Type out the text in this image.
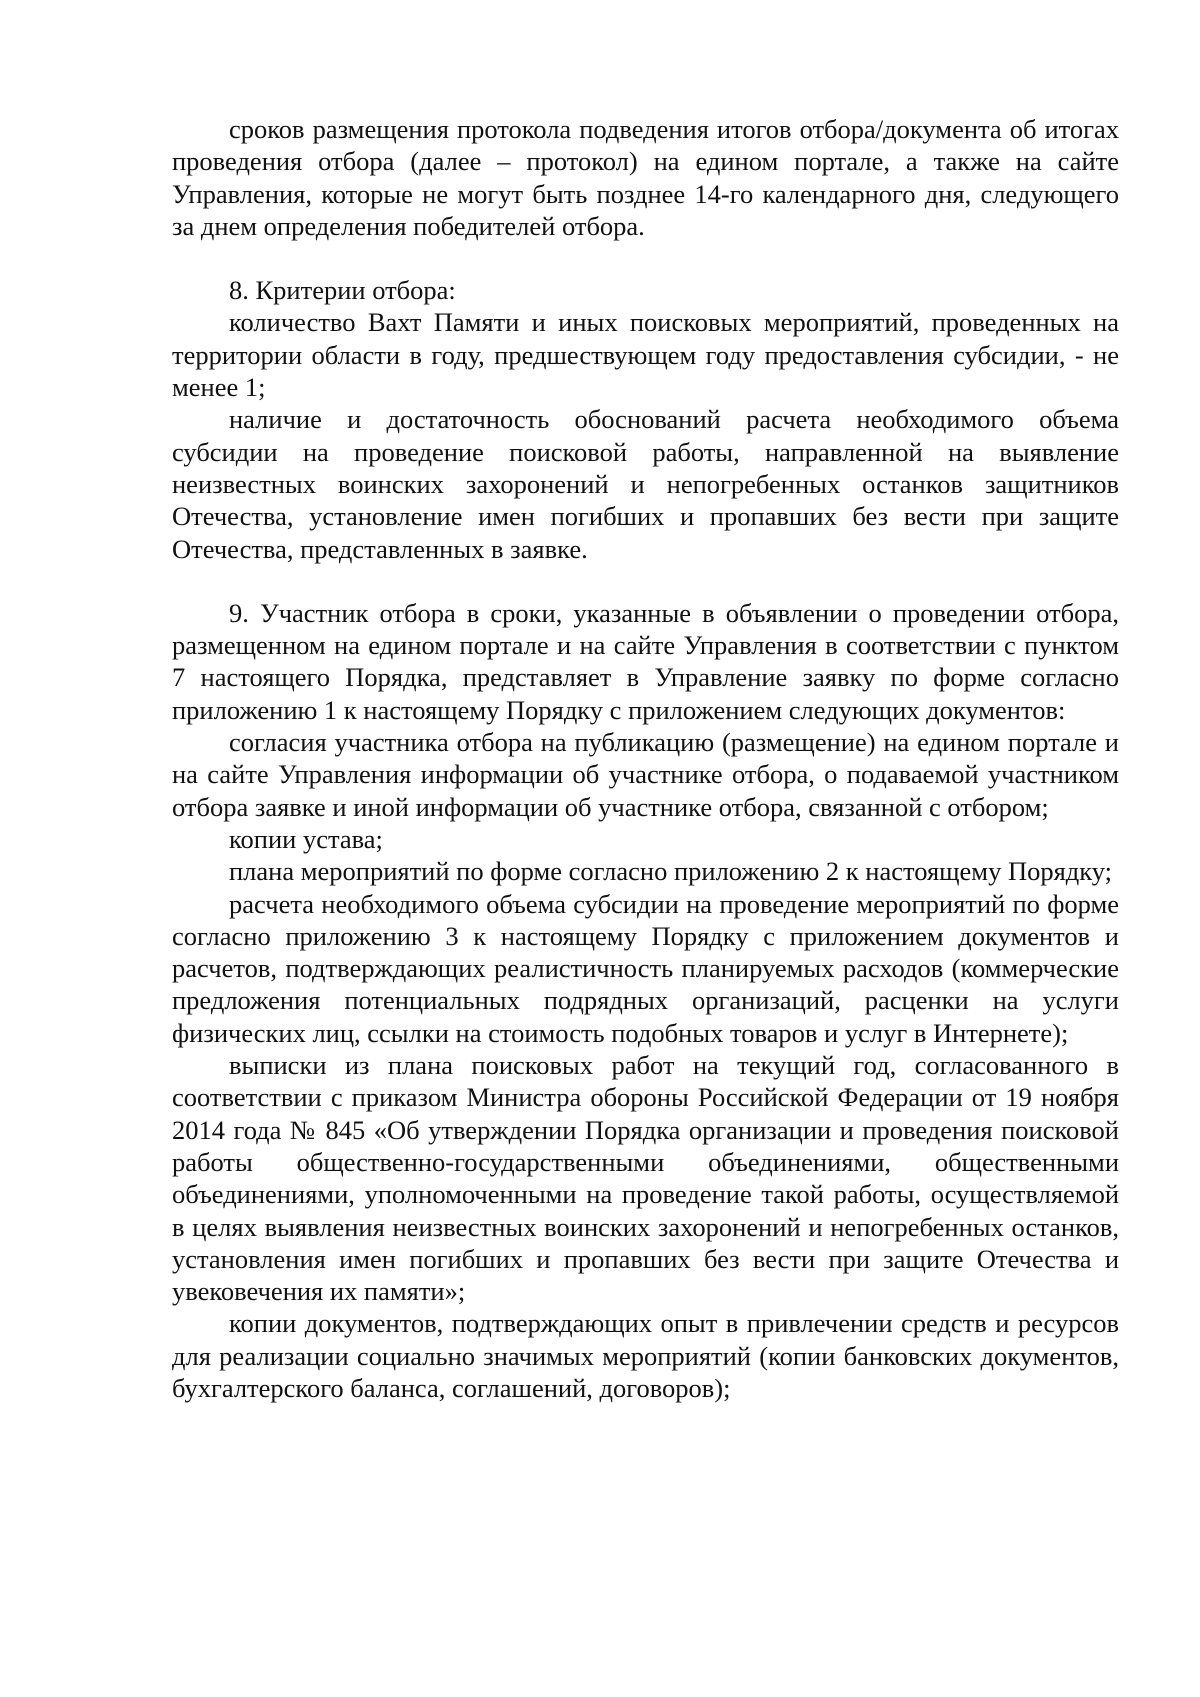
сроков размещения протокола подведения итогов отбора/документа об итогах проведения отбора (далее – протокол) на едином портале, а также на сайте Управления, которые не могут быть позднее 14-го календарного дня, следующего за днем определения победителей отбора.

8. Критерии отбора:

количество Вахт Памяти и иных поисковых мероприятий, проведенных на территории области в году, предшествующем году предоставления субсидии, - не менее 1;

наличие и достаточность обоснований расчета необходимого объема субсидии на проведение поисковой работы, направленной на выявление неизвестных воинских захоронений и непогребенных останков защитников Отечества, установление имен погибших и пропавших без вести при защите Отечества, представленных в заявке.

9. Участник отбора в сроки, указанные в объявлении о проведении отбора, размещенном на едином портале и на сайте Управления в соответствии с пунктом 7 настоящего Порядка, представляет в Управление заявку по форме согласно приложению 1 к настоящему Порядку с приложением следующих документов:

согласия участника отбора на публикацию (размещение) на едином портале и на сайте Управления информации об участнике отбора, о подаваемой участником отбора заявке и иной информации об участнике отбора, связанной с отбором;

копии устава;

плана мероприятий по форме согласно приложению 2 к настоящему Порядку;

расчета необходимого объема субсидии на проведение мероприятий по форме согласно приложению 3 к настоящему Порядку с приложением документов и расчетов, подтверждающих реалистичность планируемых расходов (коммерческие предложения потенциальных подрядных организаций, расценки на услуги физических лиц, ссылки на стоимость подобных товаров и услуг в Интернете);

выписки из плана поисковых работ на текущий год, согласованного в соответствии с приказом Министра обороны Российской Федерации от 19 ноября 2014 года № 845 «Об утверждении Порядка организации и проведения поисковой работы общественно-государственными объединениями, общественными объединениями, уполномоченными на проведение такой работы, осуществляемой в целях выявления неизвестных воинских захоронений и непогребенных останков, установления имен погибших и пропавших без вести при защите Отечества и увековечения их памяти»;

копии документов, подтверждающих опыт в привлечении средств и ресурсов для реализации социально значимых мероприятий (копии банковских документов, бухгалтерского баланса, соглашений, договоров);
